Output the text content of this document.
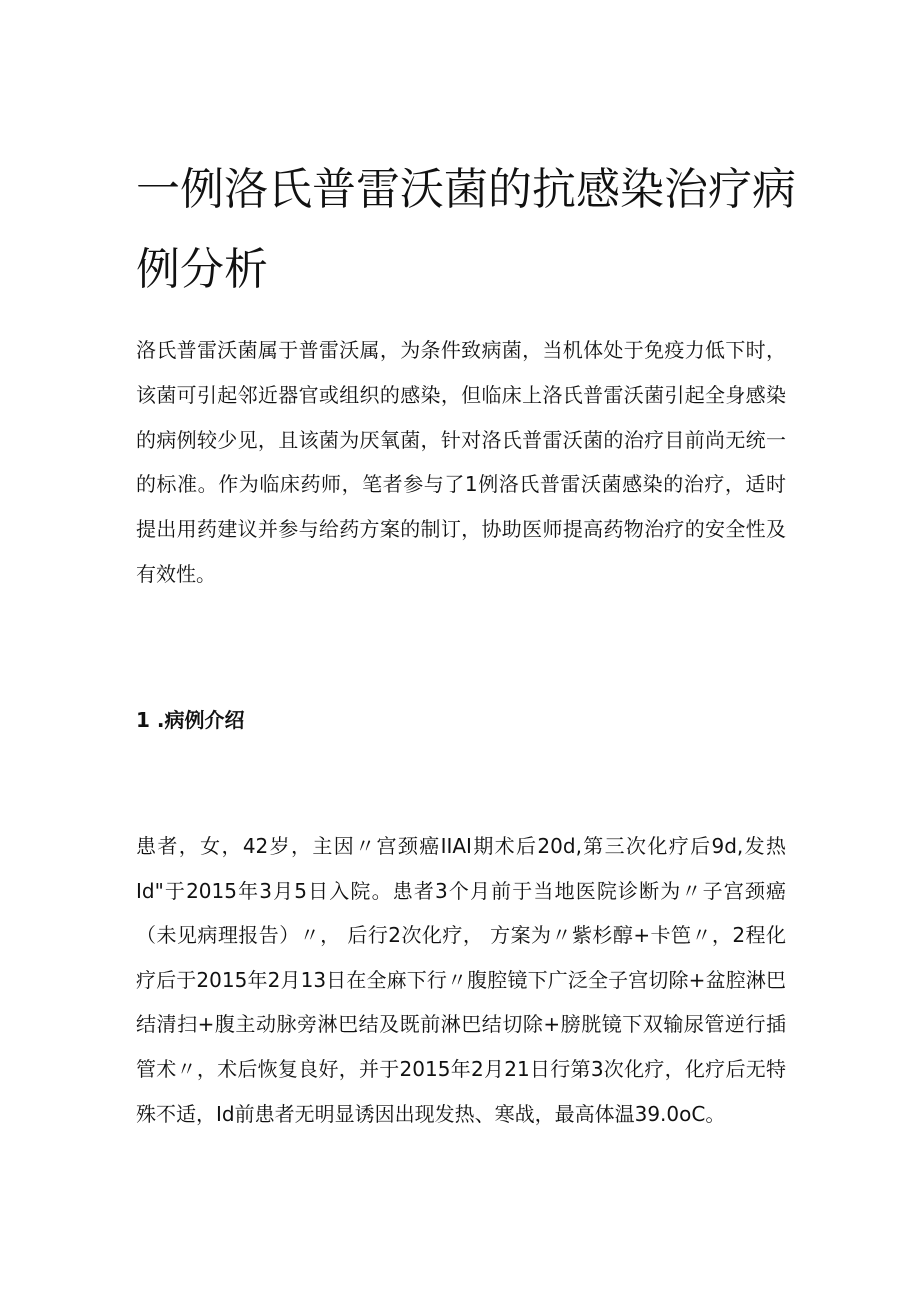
一例洛氏普雷沃菌的抗感染治疗病例分析

洛氏普雷沃菌属于普雷沃属，为条件致病菌，当机体处于免疫力低下时，该菌可引起邻近器官或组织的感染，但临床上洛氏普雷沃菌引起全身感染的病例较少见，且该菌为厌氧菌，针对洛氏普雷沃菌的治疗目前尚无统一的标准。作为临床药师，笔者参与了1例洛氏普雷沃菌感染的治疗，适时提出用药建议并参与给药方案的制订，协助医师提高药物治疗的安全性及有效性。

1 .病例介绍

患者，女，42岁，主因〃宫颈癌IIAI期术后20d,第三次化疗后9d,发热Id"于2015年3月5日入院。患者3个月前于当地医院诊断为〃子宫颈癌（未见病理报告）〃， 后行2次化疗， 方案为〃紫杉醇+卡笆〃，2程化疗后于2015年2月13日在全麻下行〃腹腔镜下广泛全子宫切除+盆腔淋巴结清扫+腹主动脉旁淋巴结及既前淋巴结切除+膀胱镜下双输尿管逆行插管术〃，术后恢复良好，并于2015年2月21日行第3次化疗，化疗后无特殊不适，Id前患者无明显诱因出现发热、寒战，最高体温39.0oC。
